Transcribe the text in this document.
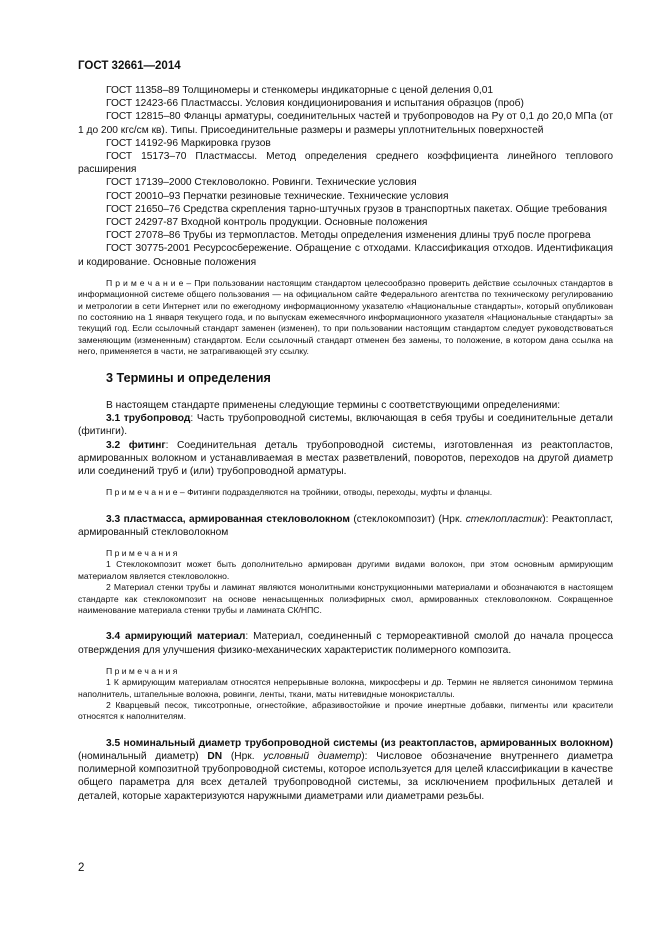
ГОСТ 32661—2014

ГОСТ 11358–89 Толщиномеры и стенкомеры индикаторные с ценой деления 0,01

ГОСТ 12423-66 Пластмассы. Условия кондиционирования и испытания образцов (проб)

ГОСТ 12815–80 Фланцы арматуры, соединительных частей и трубопроводов на Ру от 0,1 до 20,0 МПа (от 1 до 200 кгс/см кв). Типы. Присоединительные размеры и размеры уплотнительных поверхностей

ГОСТ 14192-96 Маркировка грузов

ГОСТ 15173–70 Пластмассы. Метод определения среднего коэффициента линейного теплового расширения

ГОСТ 17139–2000 Стекловолокно. Ровинги. Технические условия

ГОСТ 20010–93 Перчатки резиновые технические. Технические условия

ГОСТ 21650–76 Средства скрепления тарно-штучных грузов в транспортных пакетах. Общие требования

ГОСТ 24297-87 Входной контроль продукции. Основные положения

ГОСТ 27078–86 Трубы из термопластов. Методы определения изменения длины труб после прогрева

ГОСТ 30775-2001 Ресурсосбережение. Обращение с отходами. Классификация отходов. Идентификация и кодирование. Основные положения

П р и м е ч а н и е – При пользовании настоящим стандартом целесообразно проверить действие ссылочных стандартов в информационной системе общего пользования — на официальном сайте Федерального агентства по техническому регулированию и метрологии в сети Интернет или по ежегодному информационному указателю «Национальные стандарты», который опубликован по состоянию на 1 января текущего года, и по выпускам ежемесячного информационного указателя «Национальные стандарты» за текущий год. Если ссылочный стандарт заменен (изменен), то при пользовании настоящим стандартом следует руководствоваться заменяющим (измененным) стандартом. Если ссылочный стандарт отменен без замены, то положение, в котором дана ссылка на него, применяется в части, не затрагивающей эту ссылку.

3 Термины и определения

В настоящем стандарте применены следующие термины с соответствующими определениями:

3.1 трубопровод: Часть трубопроводной системы, включающая в себя трубы и соединительные детали (фитинги).

3.2 фитинг: Соединительная деталь трубопроводной системы, изготовленная из реактопластов, армированных волокном и устанавливаемая в местах разветвлений, поворотов, переходов на другой диаметр или соединений труб и (или) трубопроводной арматуры.

П р и м е ч а н и е – Фитинги подразделяются на тройники, отводы, переходы, муфты и фланцы.

3.3 пластмасса, армированная стекловолокном (стеклокомпозит) (Нрк. стеклопластик): Реактопласт, армированный стекловолокном

П р и м е ч а н и я

1 Стеклокомпозит может быть дополнительно армирован другими видами волокон, при этом основным армирующим материалом является стекловолокно.

2 Материал стенки трубы и ламинат являются монолитными конструкционными материалами и обозначаются в настоящем стандарте как стеклокомпозит на основе ненасыщенных полиэфирных смол, армированных стекловолокном. Сокращенное наименование материала стенки трубы и ламината СК/НПС.

3.4 армирующий материал: Материал, соединенный с термореактивной смолой до начала процесса отверждения для улучшения физико-механических характеристик полимерного композита.

П р и м е ч а н и я

1 К армирующим материалам относятся непрерывные волокна, микросферы и др. Термин не является синонимом термина наполнитель, штапельные волокна, ровинги, ленты, ткани, маты нитевидные монокристаллы.

2 Кварцевый песок, тиксотропные, огнестойкие, абразивостойкие и прочие инертные добавки, пигменты или красители относятся к наполнителям.

3.5 номинальный диаметр трубопроводной системы (из реактопластов, армированных волокном) (номинальный диаметр) DN (Нрк. условный диаметр): Числовое обозначение внутреннего диаметра полимерной композитной трубопроводной системы, которое используется для целей классификации в качестве общего параметра для всех деталей трубопроводной системы, за исключением профильных деталей и деталей, которые характеризуются наружными диаметрами или диаметрами резьбы.

2
